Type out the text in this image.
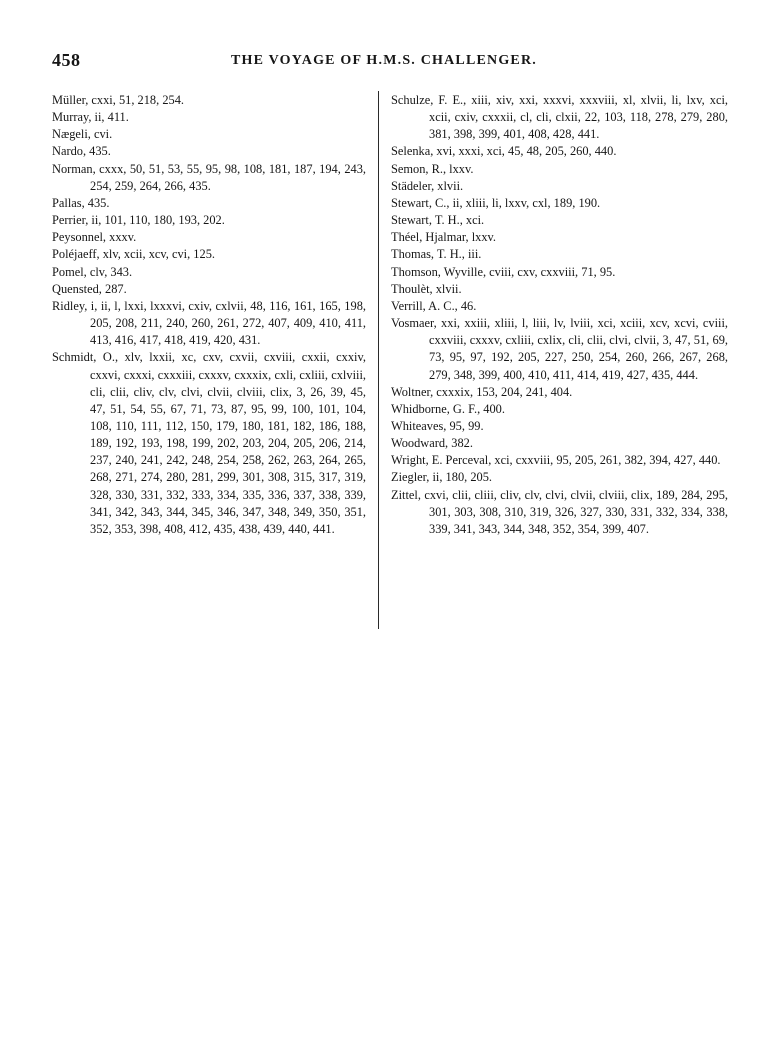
458	THE VOYAGE OF H.M.S. CHALLENGER.

Müller, cxxi, 51, 218, 254.

Murray, ii, 411.

Nægeli, cvi.

Nardo, 435.

Norman, cxxx, 50, 51, 53, 55, 95, 98, 108, 181, 187, 194, 243, 254, 259, 264, 266, 435.

Pallas, 435.

Perrier, ii, 101, 110, 180, 193, 202.

Peysonnel, xxxv.

Poléjaeff, xlv, xcii, xcv, cvi, 125.

Pomel, clv, 343.

Quensted, 287.

Ridley, i, ii, l, lxxi, lxxxvi, cxiv, cxlvii, 48, 116, 161, 165, 198, 205, 208, 211, 240, 260, 261, 272, 407, 409, 410, 411, 413, 416, 417, 418, 419, 420, 431.

Schmidt, O., xlv, lxxii, xc, cxv, cxvii, cxviii, cxxii, cxxiv, cxxvi, cxxxi, cxxxiii, cxxxv, cxxxix, cxli, cxliii, cxlviii, cli, clii, cliv, clv, clvi, clvii, clviii, clix, 3, 26, 39, 45, 47, 51, 54, 55, 67, 71, 73, 87, 95, 99, 100, 101, 104, 108, 110, 111, 112, 150, 179, 180, 181, 182, 186, 188, 189, 192, 193, 198, 199, 202, 203, 204, 205, 206, 214, 237, 240, 241, 242, 248, 254, 258, 262, 263, 264, 265, 268, 271, 274, 280, 281, 299, 301, 308, 315, 317, 319, 328, 330, 331, 332, 333, 334, 335, 336, 337, 338, 339, 341, 342, 343, 344, 345, 346, 347, 348, 349, 350, 351, 352, 353, 398, 408, 412, 435, 438, 439, 440, 441.

Schulze, F. E., xiii, xiv, xxi, xxxvi, xxxviii, xl, xlvii, li, lxv, xci, xcii, cxiv, cxxxii, cl, cli, clxii, 22, 103, 118, 278, 279, 280, 381, 398, 399, 401, 408, 428, 441.

Selenka, xvi, xxxi, xci, 45, 48, 205, 260, 440.

Semon, R., lxxv.

Städeler, xlvii.

Stewart, C., ii, xliii, li, lxxv, cxl, 189, 190.

Stewart, T. H., xci.

Théel, Hjalmar, lxxv.

Thomas, T. H., iii.

Thomson, Wyville, cviii, cxv, cxxviii, 71, 95.

Thoulèt, xlvii.

Verrill, A. C., 46.

Vosmaer, xxi, xxiii, xliii, l, liii, lv, lviii, xci, xciii, xcv, xcvi, cviii, cxxviii, cxxxv, cxliii, cxlix, cli, clii, clvi, clvii, 3, 47, 51, 69, 73, 95, 97, 192, 205, 227, 250, 254, 260, 266, 267, 268, 279, 348, 399, 400, 410, 411, 414, 419, 427, 435, 444.

Woltner, cxxxix, 153, 204, 241, 404.

Whidborne, G. F., 400.

Whiteaves, 95, 99.

Woodward, 382.

Wright, E. Perceval, xci, cxxviii, 95, 205, 261, 382, 394, 427, 440.

Ziegler, ii, 180, 205.

Zittel, cxvi, clii, cliii, cliv, clv, clvi, clvii, clviii, clix, 189, 284, 295, 301, 303, 308, 310, 319, 326, 327, 330, 331, 332, 334, 338, 339, 341, 343, 344, 348, 352, 354, 399, 407.
